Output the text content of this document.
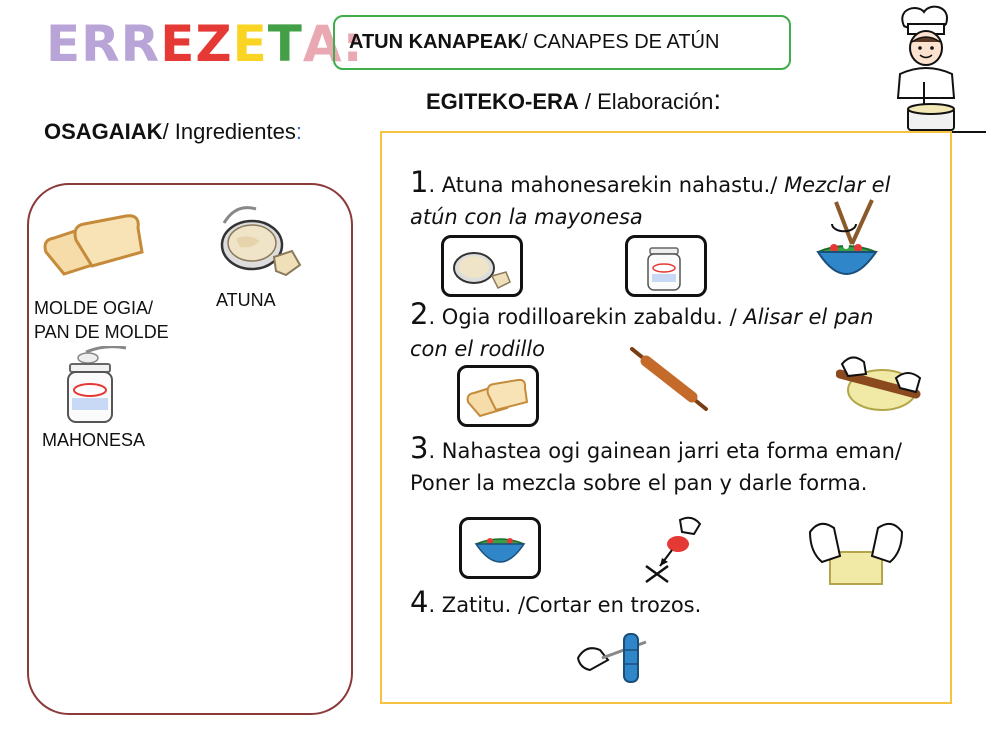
ERREZETA:
ATUN KANAPEAK / CANAPES DE ATÚN
EGITEKO-ERA / Elaboración:
OSAGAIAK/ Ingredientes:
MOLDE OGIA/
PAN DE MOLDE
ATUNA
MAHONESA
1. Atuna mahonesarekin nahastu./ Mezclar el
atún con la mayonesa
2. Ogia rodilloarekin zabaldu. / Alisar el pan
con el rodillo
3. Nahastea ogi gainean jarri eta forma eman/
Poner la mezcla sobre el pan y darle forma.
4. Zatitu. /Cortar en trozos.
